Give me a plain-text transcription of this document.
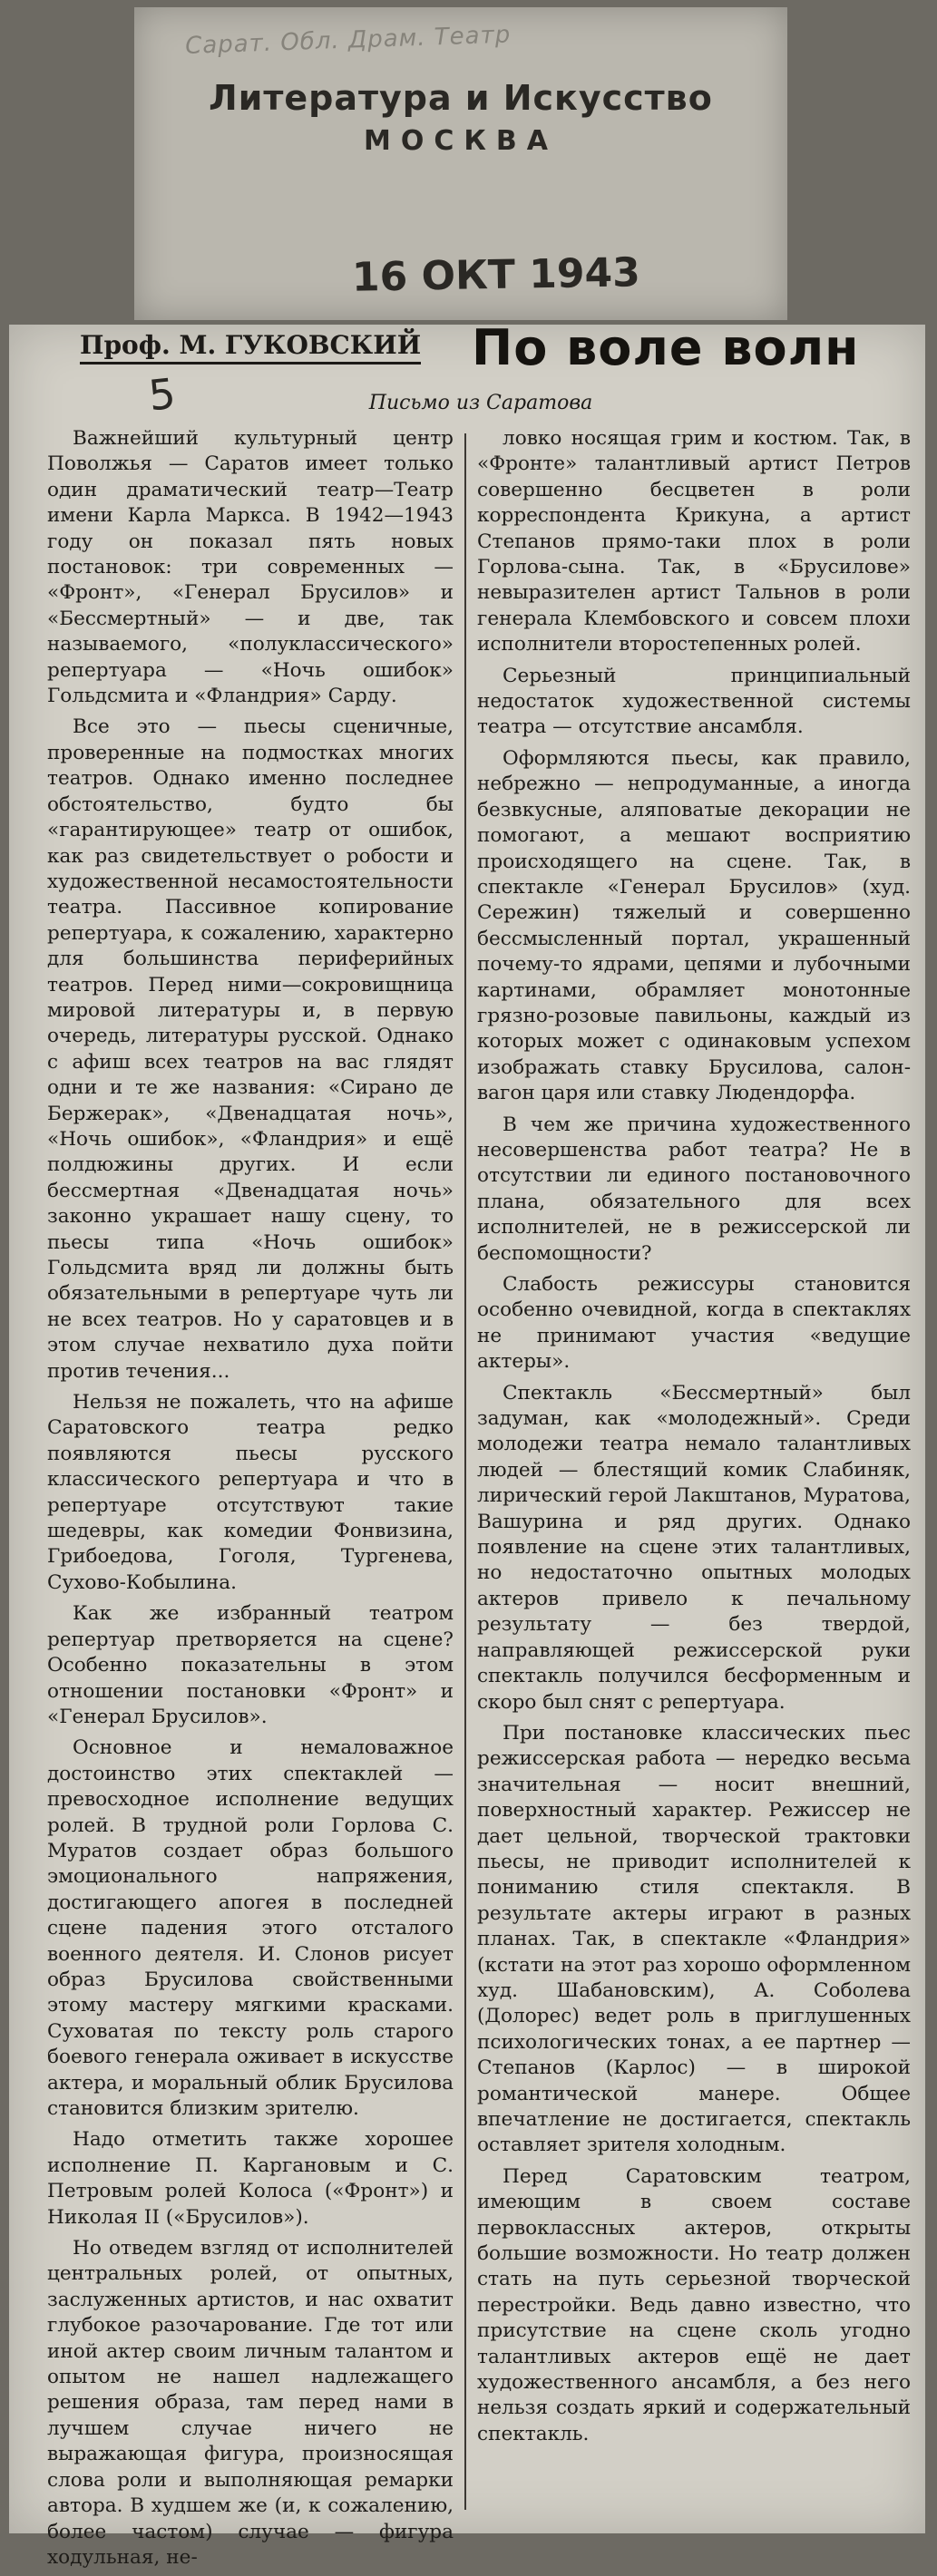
Сарат. Обл. Драм. Театр
Литература и Искусство
МОСКВА
16 ОКТ 1943
Проф. М. ГУКОВСКИЙ По воле волн
5	Письмо из Саратова

Важнейший культурный центр Поволжья — Саратов имеет только один драматический театр—Театр имени Карла Маркса. В 1942—1943 году он показал пять новых постановок: три современных — «Фронт», «Генерал Брусилов» и «Бессмертный» — и две, так называемого, «полуклассического» репертуара — «Ночь ошибок» Гольдсмита и «Фландрия» Сарду.

Все это — пьесы сценичные, проверенные на подмостках многих театров. Однако именно последнее обстоятельство, будто бы «гарантирующее» театр от ошибок, как раз свидетельствует о робости и художественной несамостоятельности театра. Пассивное копирование репертуара, к сожалению, характерно для большинства периферийных театров. Перед ними—сокровищница мировой литературы и, в первую очередь, литературы русской. Однако с афиш всех театров на вас глядят одни и те же названия: «Сирано де Бержерак», «Двенадцатая ночь», «Ночь ошибок», «Фландрия» и ещё полдюжины других. И если бессмертная «Двенадцатая ночь» законно украшает нашу сцену, то пьесы типа «Ночь ошибок» Гольдсмита вряд ли должны быть обязательными в репертуаре чуть ли не всех театров. Но у саратовцев и в этом случае нехватило духа пойти против течения...

Нельзя не пожалеть, что на афише Саратовского театра редко появляются пьесы русского классического репертуара и что в репертуаре отсутствуют такие шедевры, как комедии Фонвизина, Грибоедова, Гоголя, Тургенева, Сухово-Кобылина.

Как же избранный театром репертуар претворяется на сцене? Особенно показательны в этом отношении постановки «Фронт» и «Генерал Брусилов».

Основное и немаловажное достоинство этих спектаклей — превосходное исполнение ведущих ролей. В трудной роли Горлова С. Муратов создает образ большого эмоционального напряжения, достигающего апогея в последней сцене падения этого отсталого военного деятеля. И. Слонов рисует образ Брусилова свойственными этому мастеру мягкими красками. Суховатая по тексту роль старого боевого генерала оживает в искусстве актера, и моральный облик Брусилова становится близким зрителю.

Надо отметить также хорошее исполнение П. Каргановым и С. Петровым ролей Колоса («Фронт») и Николая II («Брусилов»).

Но отведем взгляд от исполнителей центральных ролей, от опытных, заслуженных артистов, и нас охватит глубокое разочарование. Где тот или иной актер своим личным талантом и опытом не нашел надлежащего решения образа, там перед нами в лучшем случае ничего не выражающая фигура, произносящая слова роли и выполняющая ремарки автора. В худшем же (и, к сожалению, более частом) случае — фигура ходульная, не-

ловко носящая грим и костюм. Так, в «Фронте» талантливый артист Петров совершенно бесцветен в роли корреспондента Крикуна, а артист Степанов прямо-таки плох в роли Горлова-сына. Так, в «Брусилове» невыразителен артист Тальнов в роли генерала Клембовского и совсем плохи исполнители второстепенных ролей.

Серьезный принципиальный недостаток художественной системы театра — отсутствие ансамбля.

Оформляются пьесы, как правило, небрежно — непродуманные, а иногда безвкусные, аляповатые декорации не помогают, а мешают восприятию происходящего на сцене. Так, в спектакле «Генерал Брусилов» (худ. Сережин) тяжелый и совершенно бессмысленный портал, украшенный почему-то ядрами, цепями и лубочными картинами, обрамляет монотонные грязно-розовые павильоны, каждый из которых может с одинаковым успехом изображать ставку Брусилова, салон-вагон царя или ставку Людендорфа.

В чем же причина художественного несовершенства работ театра? Не в отсутствии ли единого постановочного плана, обязательного для всех исполнителей, не в режиссерской ли беспомощности?

Слабость режиссуры становится особенно очевидной, когда в спектаклях не принимают участия «ведущие актеры».

Спектакль «Бессмертный» был задуман, как «молодежный». Среди молодежи театра немало талантливых людей — блестящий комик Слабиняк, лирический герой Лакштанов, Муратова, Вашурина и ряд других. Однако появление на сцене этих талантливых, но недостаточно опытных молодых актеров привело к печальному результату — без твердой, направляющей режиссерской руки спектакль получился бесформенным и скоро был снят с репертуара.

При постановке классических пьес режиссерская работа — нередко весьма значительная — носит внешний, поверхностный характер. Режиссер не дает цельной, творческой трактовки пьесы, не приводит исполнителей к пониманию стиля спектакля. В результате актеры играют в разных планах. Так, в спектакле «Фландрия» (кстати на этот раз хорошо оформленном худ. Шабановским), А. Соболева (Долорес) ведет роль в приглушенных психологических тонах, а ее партнер — Степанов (Карлос) — в широкой романтической манере. Общее впечатление не достигается, спектакль оставляет зрителя холодным.

Перед Саратовским театром, имеющим в своем составе первоклассных актеров, открыты большие возможности. Но театр должен стать на путь серьезной творческой перестройки. Ведь давно известно, что присутствие на сцене сколь угодно талантливых актеров ещё не дает художественного ансамбля, а без него нельзя создать яркий и содержательный спектакль.
